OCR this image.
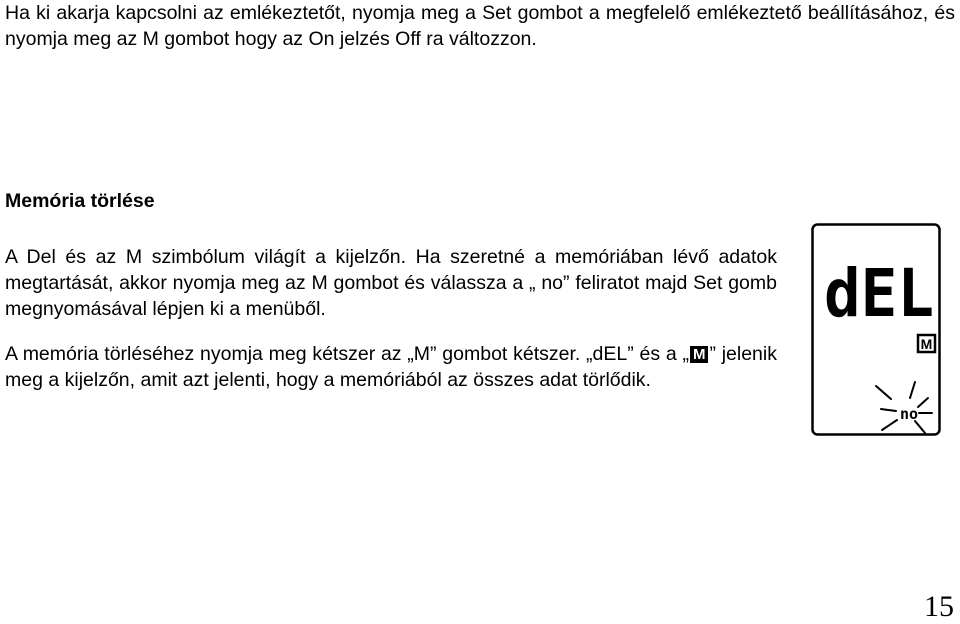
Ha ki akarja kapcsolni az emlékeztetőt, nyomja meg a Set gombot a megfelelő emlékeztető beállításához, és nyomja meg az M gombot hogy az On jelzés Off ra változzon.
Memória törlése
A Del és az M szimbólum világít a kijelzőn. Ha szeretné a memóriában lévő adatok megtartását, akkor nyomja meg az M gombot és válassza a „ no” feliratot majd Set gomb megnyomásával lépjen ki a menüből.
A memória törléséhez nyomja meg kétszer az „M” gombot kétszer. „dEL” és a „ M ” jelenik meg a kijelzőn, amit azt jelenti, hogy a memóriából az összes adat törlődik.
dEL
M
no
15
